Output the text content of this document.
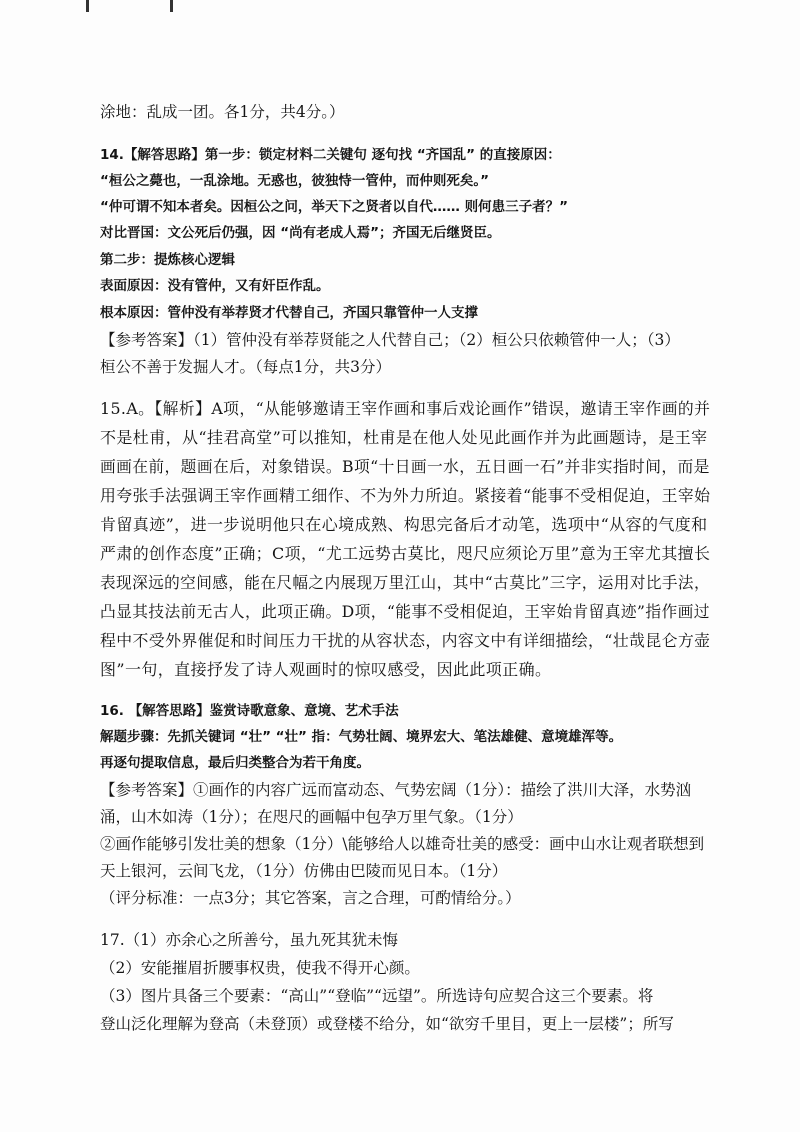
涂地：乱成一团。各1分，共4分。）
14.【解答思路】第一步：锁定材料二关键句 逐句找 “齐国乱” 的直接原因：
“桓公之薨也，一乱涂地。无惑也，彼独恃一管仲，而仲则死矣。”
“仲可谓不知本者矣。因桓公之问，举天下之贤者以自代…… 则何患三子者？”
对比晋国：文公死后仍强，因 “尚有老成人焉”；齐国无后继贤臣。
第二步：提炼核心逻辑
表面原因：没有管仲，又有奸臣作乱。
根本原因：管仲没有举荐贤才代替自己，齐国只靠管仲一人支撑
【参考答案】（1）管仲没有举荐贤能之人代替自己；（2）桓公只依赖管仲一人；（3）
桓公不善于发掘人才。（每点1分，共3分）
15.A。【解析】A项，“从能够邀请王宰作画和事后戏论画作”错误，邀请王宰作画的并
不是杜甫，从“挂君高堂”可以推知，杜甫是在他人处见此画作并为此画题诗，是王宰
画画在前，题画在后，对象错误。B项“十日画一水，五日画一石”并非实指时间，而是
用夸张手法强调王宰作画精工细作、不为外力所迫。紧接着“能事不受相促迫，王宰始
肯留真迹”，进一步说明他只在心境成熟、构思完备后才动笔，选项中“从容的气度和
严肃的创作态度”正确；C项，“尤工远势古莫比，咫尺应须论万里”意为王宰尤其擅长
表现深远的空间感，能在尺幅之内展现万里江山，其中“古莫比”三字，运用对比手法，
凸显其技法前无古人，此项正确。D项，“能事不受相促迫，王宰始肯留真迹”指作画过
程中不受外界催促和时间压力干扰的从容状态，内容文中有详细描绘，“壮哉昆仑方壶
图”一句，直接抒发了诗人观画时的惊叹感受，因此此项正确。
16. 【解答思路】鉴赏诗歌意象、意境、艺术手法
解题步骤：先抓关键词 “壮” “壮” 指：气势壮阔、境界宏大、笔法雄健、意境雄浑等。
再逐句提取信息，最后归类整合为若干角度。
【参考答案】①画作的内容广远而富动态、气势宏阔（1分）：描绘了洪川大泽，水势汹
涌，山木如涛（1分）；在咫尺的画幅中包孕万里气象。（1分）
②画作能够引发壮美的想象（1分）\能够给人以雄奇壮美的感受：画中山水让观者联想到
天上银河，云间飞龙，（1分）仿佛由巴陵而见日本。（1分）
（评分标准：一点3分；其它答案，言之合理，可酌情给分。）
17.（1）亦余心之所善兮，虽九死其犹未悔
（2）安能摧眉折腰事权贵，使我不得开心颜。
（3）图片具备三个要素：“高山”“登临”“远望”。所选诗句应契合这三个要素。将
登山泛化理解为登高（未登顶）或登楼不给分，如“欲穷千里目，更上一层楼”；所写
